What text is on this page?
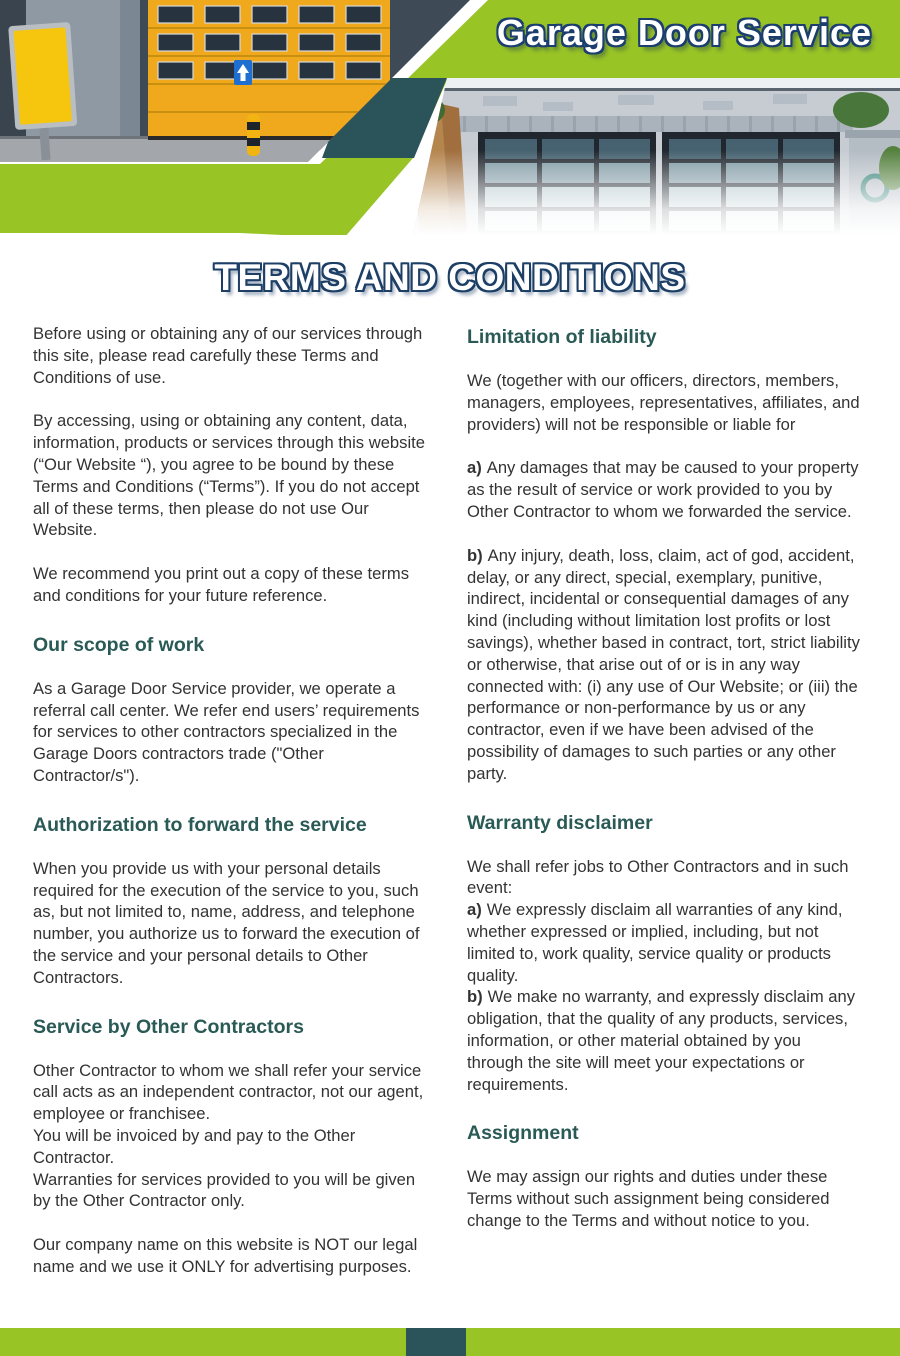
Garage Door Service
TERMS AND CONDITIONS

Before using or obtaining any of our services through this site, please read carefully these Terms and Conditions of use.

By accessing, using or obtaining any content, data, information, products or services through this website (“Our Website “), you agree to be bound by these Terms and Conditions (“Terms”). If you do not accept all of these terms, then please do not use Our Website.

We recommend you print out a copy of these terms and conditions for your future reference.

Our scope of work

As a Garage Door Service provider, we operate a referral call center. We refer end users’ requirements for services to other contractors specialized in the Garage Doors contractors trade ("Other Contractor/s").

Authorization to forward the service

When you provide us with your personal details required for the execution of the service to you, such as, but not limited to, name, address, and telephone number, you authorize us to forward the execution of the service and your personal details to Other Contractors.

Service by Other Contractors

Other Contractor to whom we shall refer your service call acts as an independent contractor, not our agent, employee or franchisee.

You will be invoiced by and pay to the Other Contractor.

Warranties for services provided to you will be given by the Other Contractor only.

Our company name on this website is NOT our legal name and we use it ONLY for advertising purposes.

Limitation of liability

We (together with our officers, directors, members, managers, employees, representatives, affiliates, and providers) will not be responsible or liable for

a) Any damages that may be caused to your property as the result of service or work provided to you by Other Contractor to whom we forwarded the service.

b) Any injury, death, loss, claim, act of god, accident, delay, or any direct, special, exemplary, punitive, indirect, incidental or consequential damages of any kind (including without limitation lost profits or lost savings), whether based in contract, tort, strict liability or otherwise, that arise out of or is in any way connected with: (i) any use of Our Website; or (iii) the performance or non-performance by us or any contractor, even if we have been advised of the possibility of damages to such parties or any other party.

Warranty disclaimer

We shall refer jobs to Other Contractors and in such event:

a) We expressly disclaim all warranties of any kind, whether expressed or implied, including, but not limited to, work quality, service quality or products quality.

b) We make no warranty, and expressly disclaim any obligation, that the quality of any products, services, information, or other material obtained by you through the site will meet your expectations or requirements.

Assignment

We may assign our rights and duties under these Terms without such assignment being considered change to the Terms and without notice to you.
